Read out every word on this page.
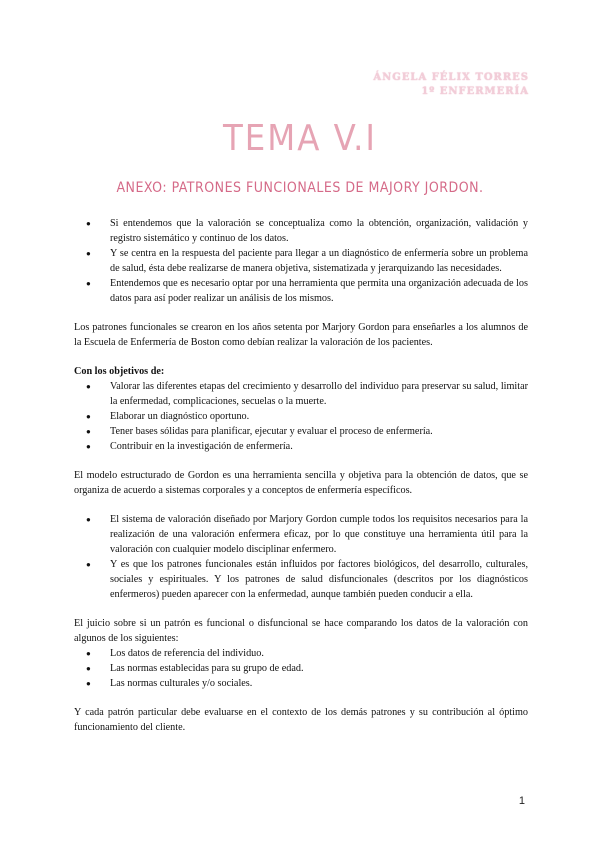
ÁNGELA FÉLIX TORRES
1º ENFERMERÍA
TEMA V.I
ANEXO: PATRONES FUNCIONALES DE MAJORY JORDON.
● Si entendemos que la valoración se conceptualiza como la obtención, organización, validación y registro sistemático y continuo de los datos.
● Y se centra en la respuesta del paciente para llegar a un diagnóstico de enfermería sobre un problema de salud, ésta debe realizarse de manera objetiva, sistematizada y jerarquizando las necesidades.
● Entendemos que es necesario optar por una herramienta que permita una organización adecuada de los datos para así poder realizar un análisis de los mismos.

Los patrones funcionales se crearon en los años setenta por Marjory Gordon para enseñarles a los alumnos de la Escuela de Enfermería de Boston como debían realizar la valoración de los pacientes.

Con los objetivos de:

● Valorar las diferentes etapas del crecimiento y desarrollo del individuo para preservar su salud, limitar la enfermedad, complicaciones, secuelas o la muerte.
● Elaborar un diagnóstico oportuno.
● Tener bases sólidas para planificar, ejecutar y evaluar el proceso de enfermería.
● Contribuir en la investigación de enfermería.

El modelo estructurado de Gordon es una herramienta sencilla y objetiva para la obtención de datos, que se organiza de acuerdo a sistemas corporales y a conceptos de enfermería específicos.

● El sistema de valoración diseñado por Marjory Gordon cumple todos los requisitos necesarios para la realización de una valoración enfermera eficaz, por lo que constituye una herramienta útil para la valoración con cualquier modelo disciplinar enfermero.
● Y es que los patrones funcionales están influidos por factores biológicos, del desarrollo, culturales, sociales y espirituales. Y los patrones de salud disfuncionales (descritos por los diagnósticos enfermeros) pueden aparecer con la enfermedad, aunque también pueden conducir a ella.

El juicio sobre si un patrón es funcional o disfuncional se hace comparando los datos de la valoración con algunos de los siguientes:

● Los datos de referencia del individuo.
● Las normas establecidas para su grupo de edad.
● Las normas culturales y/o sociales.

Y cada patrón particular debe evaluarse en el contexto de los demás patrones y su contribución al óptimo funcionamiento del cliente.

1
